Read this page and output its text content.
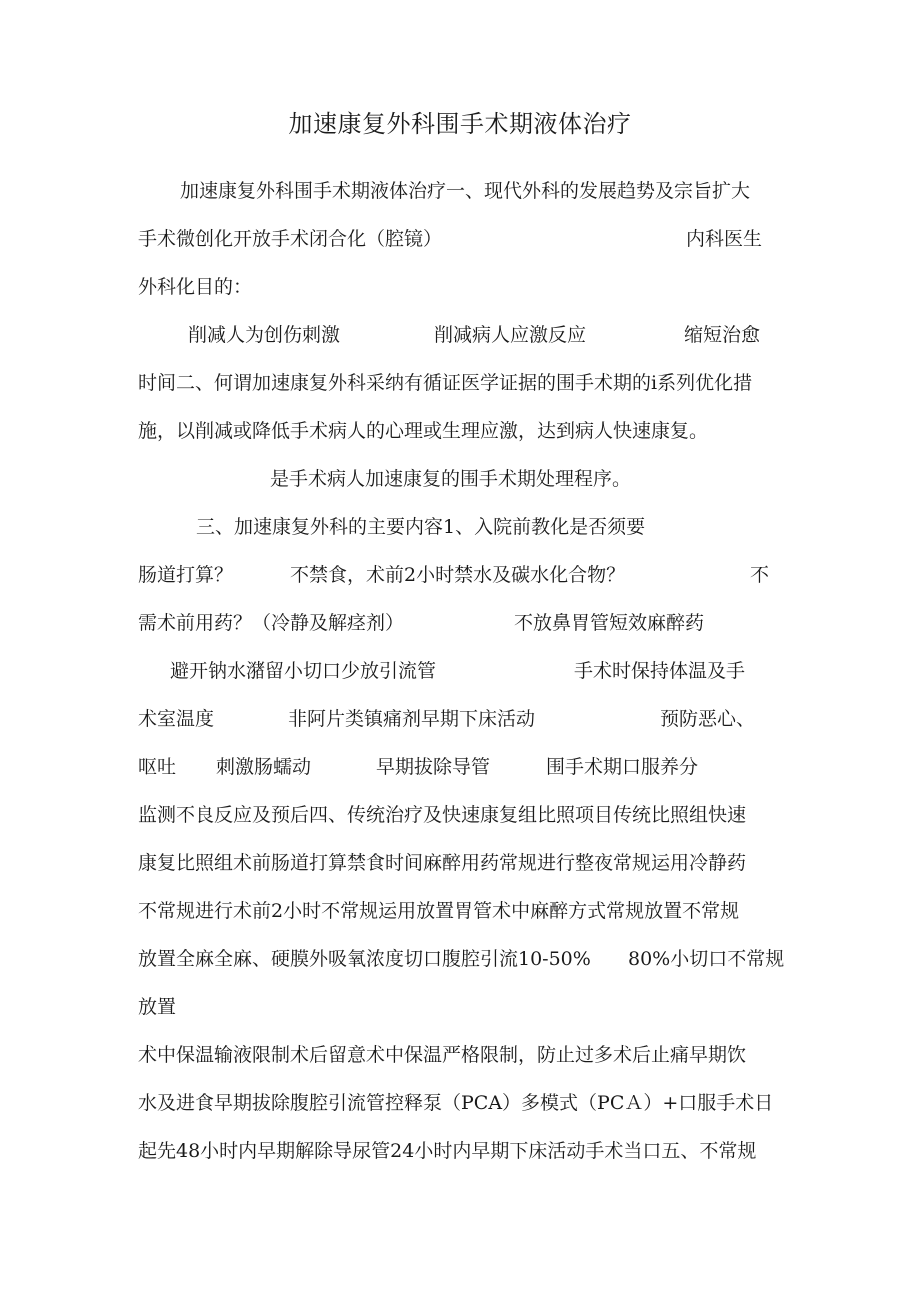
加速康复外科围手术期液体治疗
加速康复外科围手术期液体治疗一、现代外科的发展趋势及宗旨扩大
手术微创化开放手术闭合化（腔镜）	内科医生
外科化目的：
削减人为创伤刺激	削减病人应激反应	缩短治愈
时间二、何谓加速康复外科采纳有循证医学证据的围手术期的i系列优化措
施，以削减或降低手术病人的心理或生理应激，达到病人快速康复。
是手术病人加速康复的围手术期处理程序。
三、加速康复外科的主要内容1、入院前教化是否须要
肠道打算？	不禁食，术前2小时禁水及碳水化合物？	不
需术前用药？（冷静及解痉剂）	不放鼻胃管短效麻醉药
避开钠水潴留小切口少放引流管	手术时保持体温及手
术室温度	非阿片类镇痛剂早期下床活动	预防恶心、
呕吐 刺激肠蠕动	早期拔除导管	围手术期口服养分
监测不良反应及预后四、传统治疗及快速康复组比照项目传统比照组快速
康复比照组术前肠道打算禁食时间麻醉用药常规进行整夜常规运用冷静药
不常规进行术前2小时不常规运用放置胃管术中麻醉方式常规放置不常规
放置全麻全麻、硬膜外吸氧浓度切口腹腔引流10-50% 80%小切口不常规
放置
术中保温输液限制术后留意术中保温严格限制，防止过多术后止痛早期饮
水及进食早期拔除腹腔引流管控释泵（PCA）多模式（PCＡ）+口服手术日
起先48小时内早期解除导尿管24小时内早期下床活动手术当口五、不常规
